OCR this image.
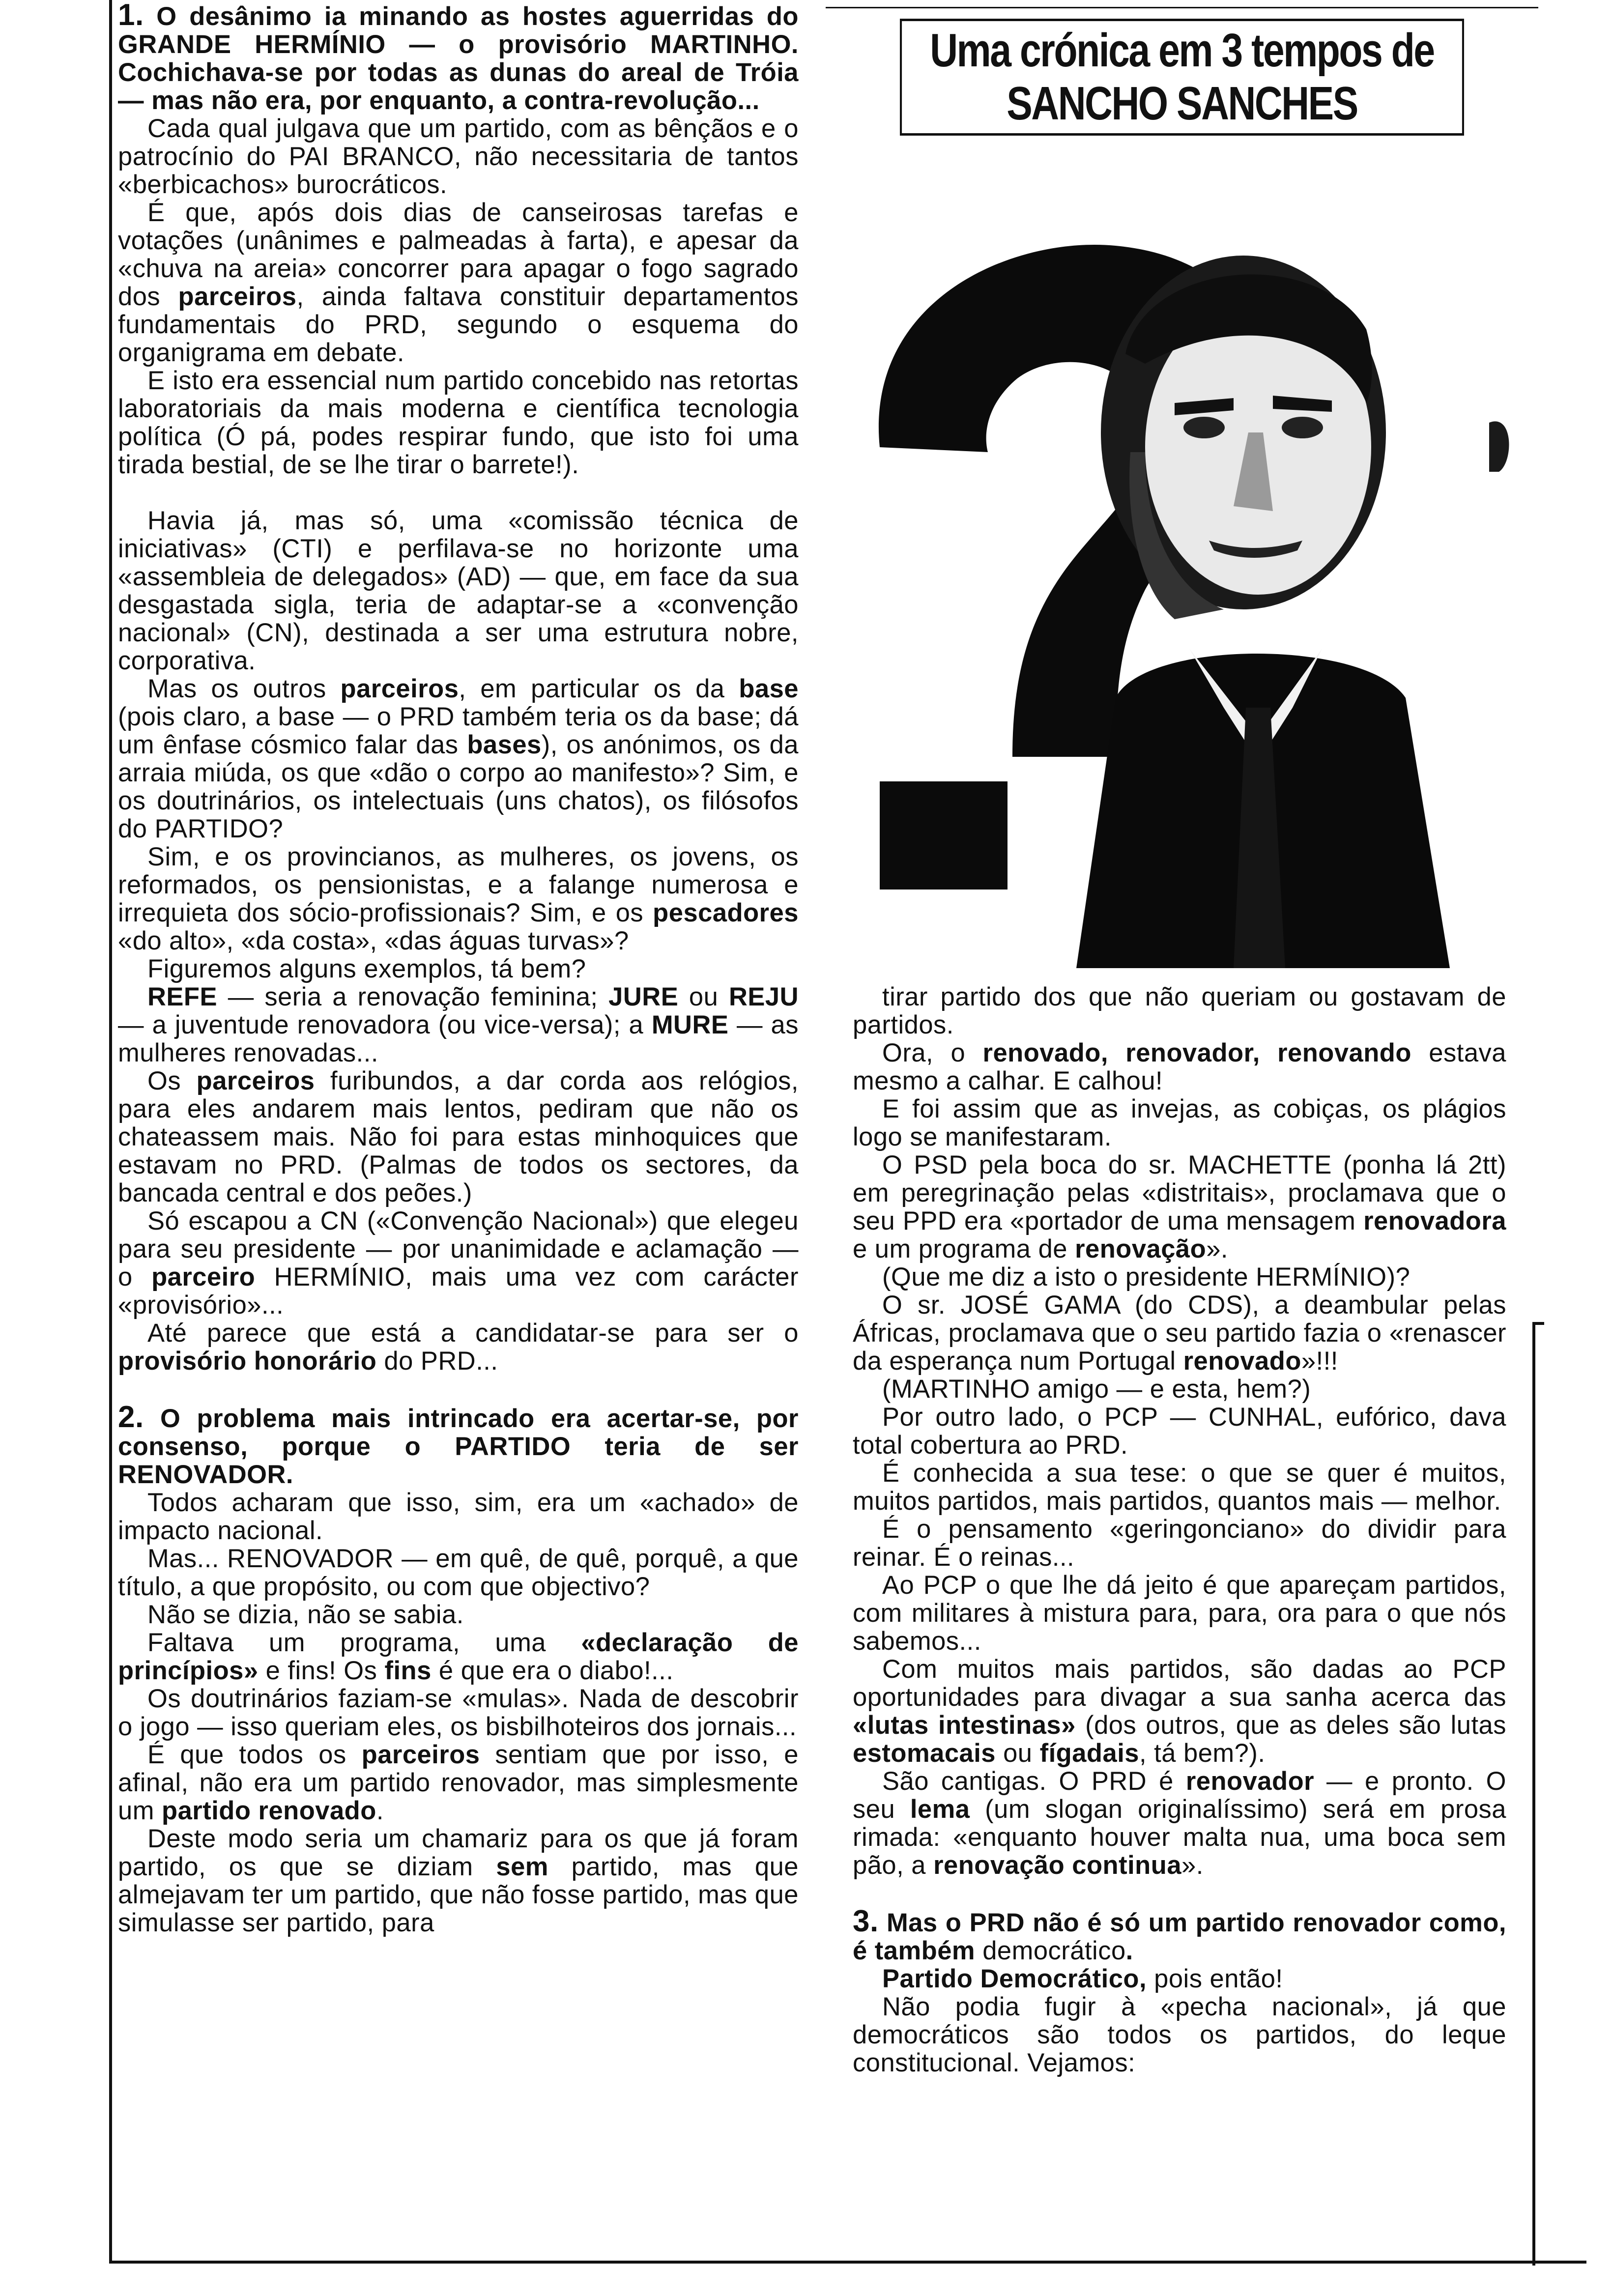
Uma crónica em 3 tempos de
SANCHO SANCHES

1. O desânimo ia minando as hostes aguerridas do GRANDE HERMÍNIO — o provisório MARTINHO. Cochichava-se por todas as dunas do areal de Tróia — mas não era, por enquanto, a contra-revolução...

Cada qual julgava que um partido, com as bênçãos e o patrocínio do PAI BRANCO, não necessitaria de tantos «berbicachos» burocráticos.

É que, após dois dias de canseirosas tarefas e votações (unânimes e palmeadas à farta), e apesar da «chuva na areia» concorrer para apagar o fogo sagrado dos parceiros, ainda faltava constituir departamentos fundamentais do PRD, segundo o esquema do organigrama em debate.

E isto era essencial num partido concebido nas retortas laboratoriais da mais moderna e científica tecnologia política (Ó pá, podes respirar fundo, que isto foi uma tirada bestial, de se lhe tirar o barrete!).

Havia já, mas só, uma «comissão técnica de iniciativas» (CTI) e perfilava-se no horizonte uma «assembleia de delegados» (AD) — que, em face da sua desgastada sigla, teria de adaptar-se a «convenção nacional» (CN), destinada a ser uma estrutura nobre, corporativa.

Mas os outros parceiros, em particular os da base (pois claro, a base — o PRD também teria os da base; dá um ênfase cósmico falar das bases), os anónimos, os da arraia miúda, os que «dão o corpo ao manifesto»? Sim, e os doutrinários, os intelectuais (uns chatos), os filósofos do PARTIDO?

Sim, e os provincianos, as mulheres, os jovens, os reformados, os pensionistas, e a falange numerosa e irrequieta dos sócio-profissionais? Sim, e os pescadores «do alto», «da costa», «das águas turvas»?

Figuremos alguns exemplos, tá bem?

REFE — seria a renovação feminina; JURE ou REJU — a juventude renovadora (ou vice-versa); a MURE — as mulheres renovadas...

Os parceiros furibundos, a dar corda aos relógios, para eles andarem mais lentos, pediram que não os chateassem mais. Não foi para estas minhoquices que estavam no PRD. (Palmas de todos os sectores, da bancada central e dos peões.)

Só escapou a CN («Convenção Nacional») que elegeu para seu presidente — por unanimidade e aclamação — o parceiro HERMÍNIO, mais uma vez com carácter «provisório»...

Até parece que está a candidatar-se para ser o provisório honorário do PRD...

2. O problema mais intrincado era acertar-se, por consenso, porque o PARTIDO teria de ser RENOVADOR.

Todos acharam que isso, sim, era um «achado» de impacto nacional.

Mas... RENOVADOR — em quê, de quê, porquê, a que título, a que propósito, ou com que objectivo?

Não se dizia, não se sabia.

Faltava um programa, uma «declaração de princípios» e fins! Os fins é que era o diabo!...

Os doutrinários faziam-se «mulas». Nada de descobrir o jogo — isso queriam eles, os bisbilhoteiros dos jornais...

É que todos os parceiros sentiam que por isso, e afinal, não era um partido renovador, mas simplesmente um partido renovado.

Deste modo seria um chamariz para os que já foram partido, os que se diziam sem partido, mas que almejavam ter um partido, que não fosse partido, mas que simulasse ser partido, para

tirar partido dos que não queriam ou gostavam de partidos.

Ora, o renovado, renovador, renovando estava mesmo a calhar. E calhou!

E foi assim que as invejas, as cobiças, os plágios logo se manifestaram.

O PSD pela boca do sr. MACHETTE (ponha lá 2tt) em peregrinação pelas «distritais», proclamava que o seu PPD era «portador de uma mensagem renovadora e um programa de renovação».

(Que me diz a isto o presidente HERMÍNIO)?

O sr. JOSÉ GAMA (do CDS), a deambular pelas Áfricas, proclamava que o seu partido fazia o «renascer da esperança num Portugal renovado»!!!

(MARTINHO amigo — e esta, hem?)

Por outro lado, o PCP — CUNHAL, eufórico, dava total cobertura ao PRD.

É conhecida a sua tese: o que se quer é muitos, muitos partidos, mais partidos, quantos mais — melhor.

É o pensamento «geringonciano» do dividir para reinar. É o reinas...

Ao PCP o que lhe dá jeito é que apareçam partidos, com militares à mistura para, para, ora para o que nós sabemos...

Com muitos mais partidos, são dadas ao PCP oportunidades para divagar a sua sanha acerca das «lutas intestinas» (dos outros, que as deles são lutas estomacais ou fígadais, tá bem?).

São cantigas. O PRD é renovador — e pronto. O seu lema (um slogan originalíssimo) será em prosa rimada: «enquanto houver malta nua, uma boca sem pão, a renovação continua».

3. Mas o PRD não é só um partido renovador como, é também democrático.

Partido Democrático, pois então!

Não podia fugir à «pecha nacional», já que democráticos são todos os partidos, do leque constitucional. Vejamos:
